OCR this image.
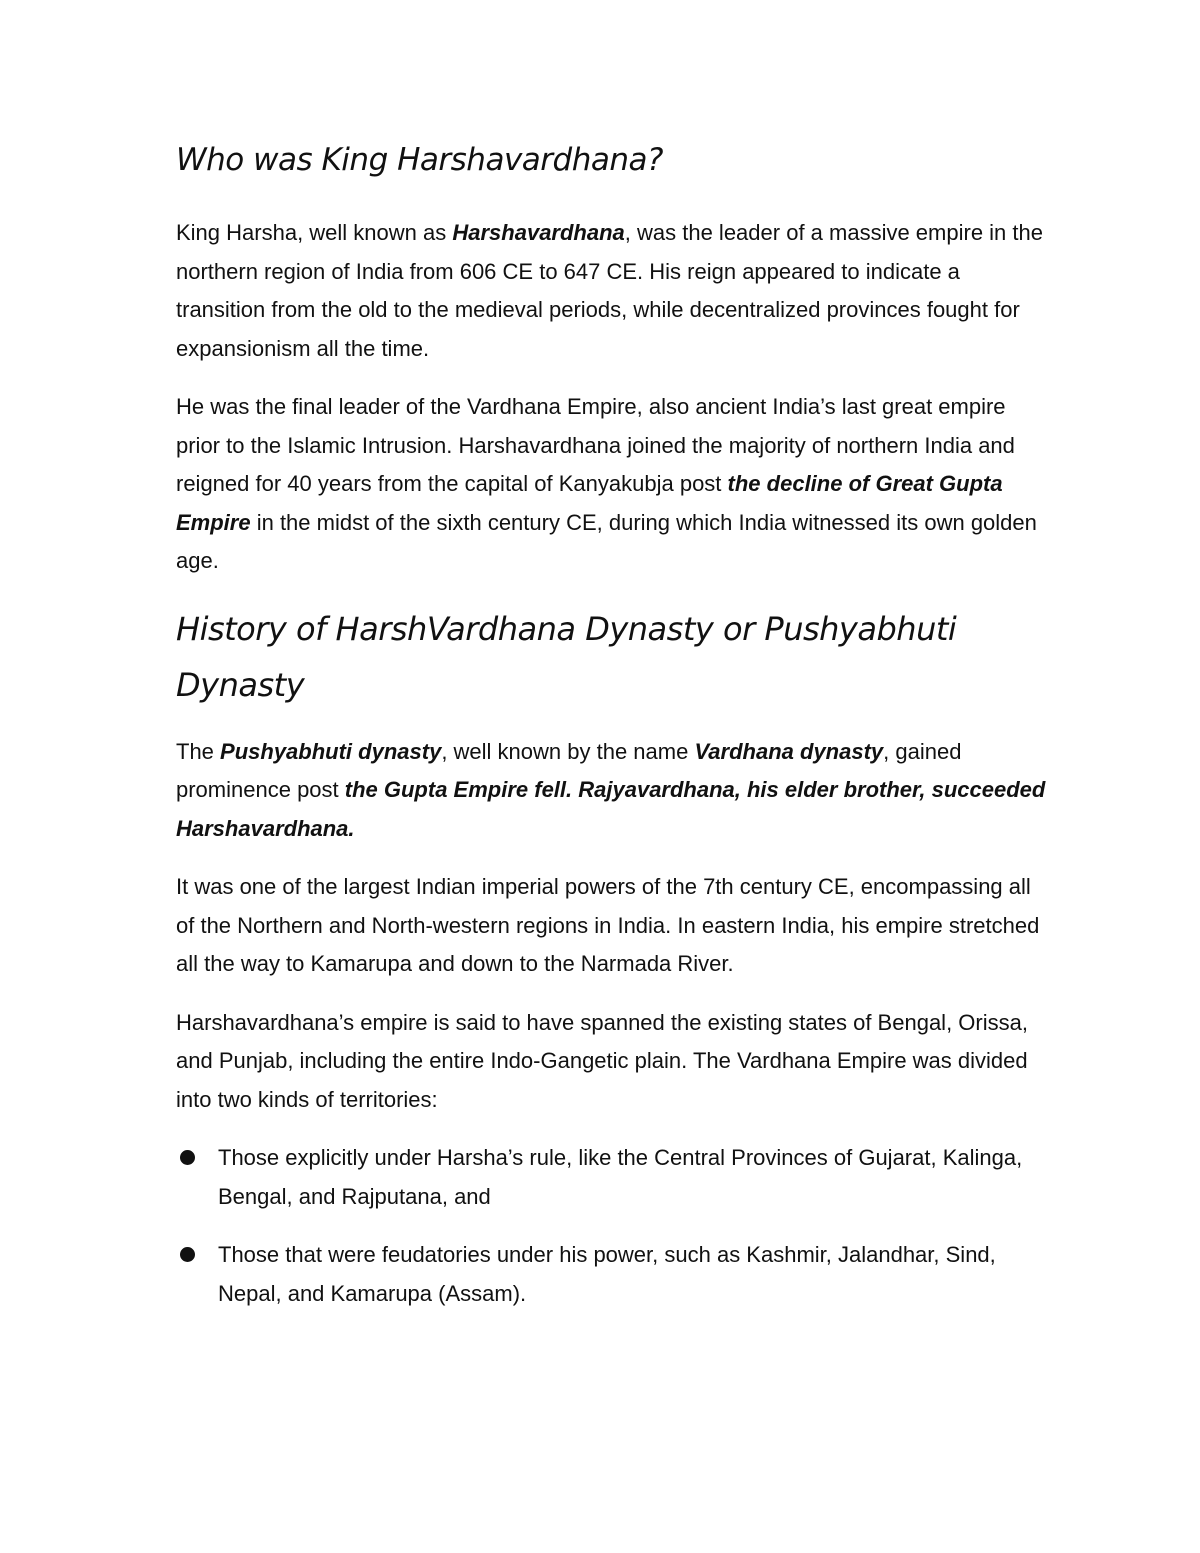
Who was King Harshavardhana?

King Harsha, well known as Harshavardhana, was the leader of a massive empire in the northern region of India from 606 CE to 647 CE. His reign appeared to indicate a transition from the old to the medieval periods, while decentralized provinces fought for expansionism all the time.

He was the final leader of the Vardhana Empire, also ancient India’s last great empire prior to the Islamic Intrusion. Harshavardhana joined the majority of northern India and reigned for 40 years from the capital of Kanyakubja post the decline of Great Gupta Empire in the midst of the sixth century CE, during which India witnessed its own golden age.

History of HarshVardhana Dynasty or Pushyabhuti Dynasty

The Pushyabhuti dynasty, well known by the name Vardhana dynasty, gained prominence post the Gupta Empire fell. Rajyavardhana, his elder brother, succeeded Harshavardhana.

It was one of the largest Indian imperial powers of the 7th century CE, encompassing all of the Northern and North-western regions in India. In eastern India, his empire stretched all the way to Kamarupa and down to the Narmada River.

Harshavardhana’s empire is said to have spanned the existing states of Bengal, Orissa, and Punjab, including the entire Indo-Gangetic plain. The Vardhana Empire was divided into two kinds of territories:

Those explicitly under Harsha’s rule, like the Central Provinces of Gujarat, Kalinga, Bengal, and Rajputana, and
Those that were feudatories under his power, such as Kashmir, Jalandhar, Sind, Nepal, and Kamarupa (Assam).
